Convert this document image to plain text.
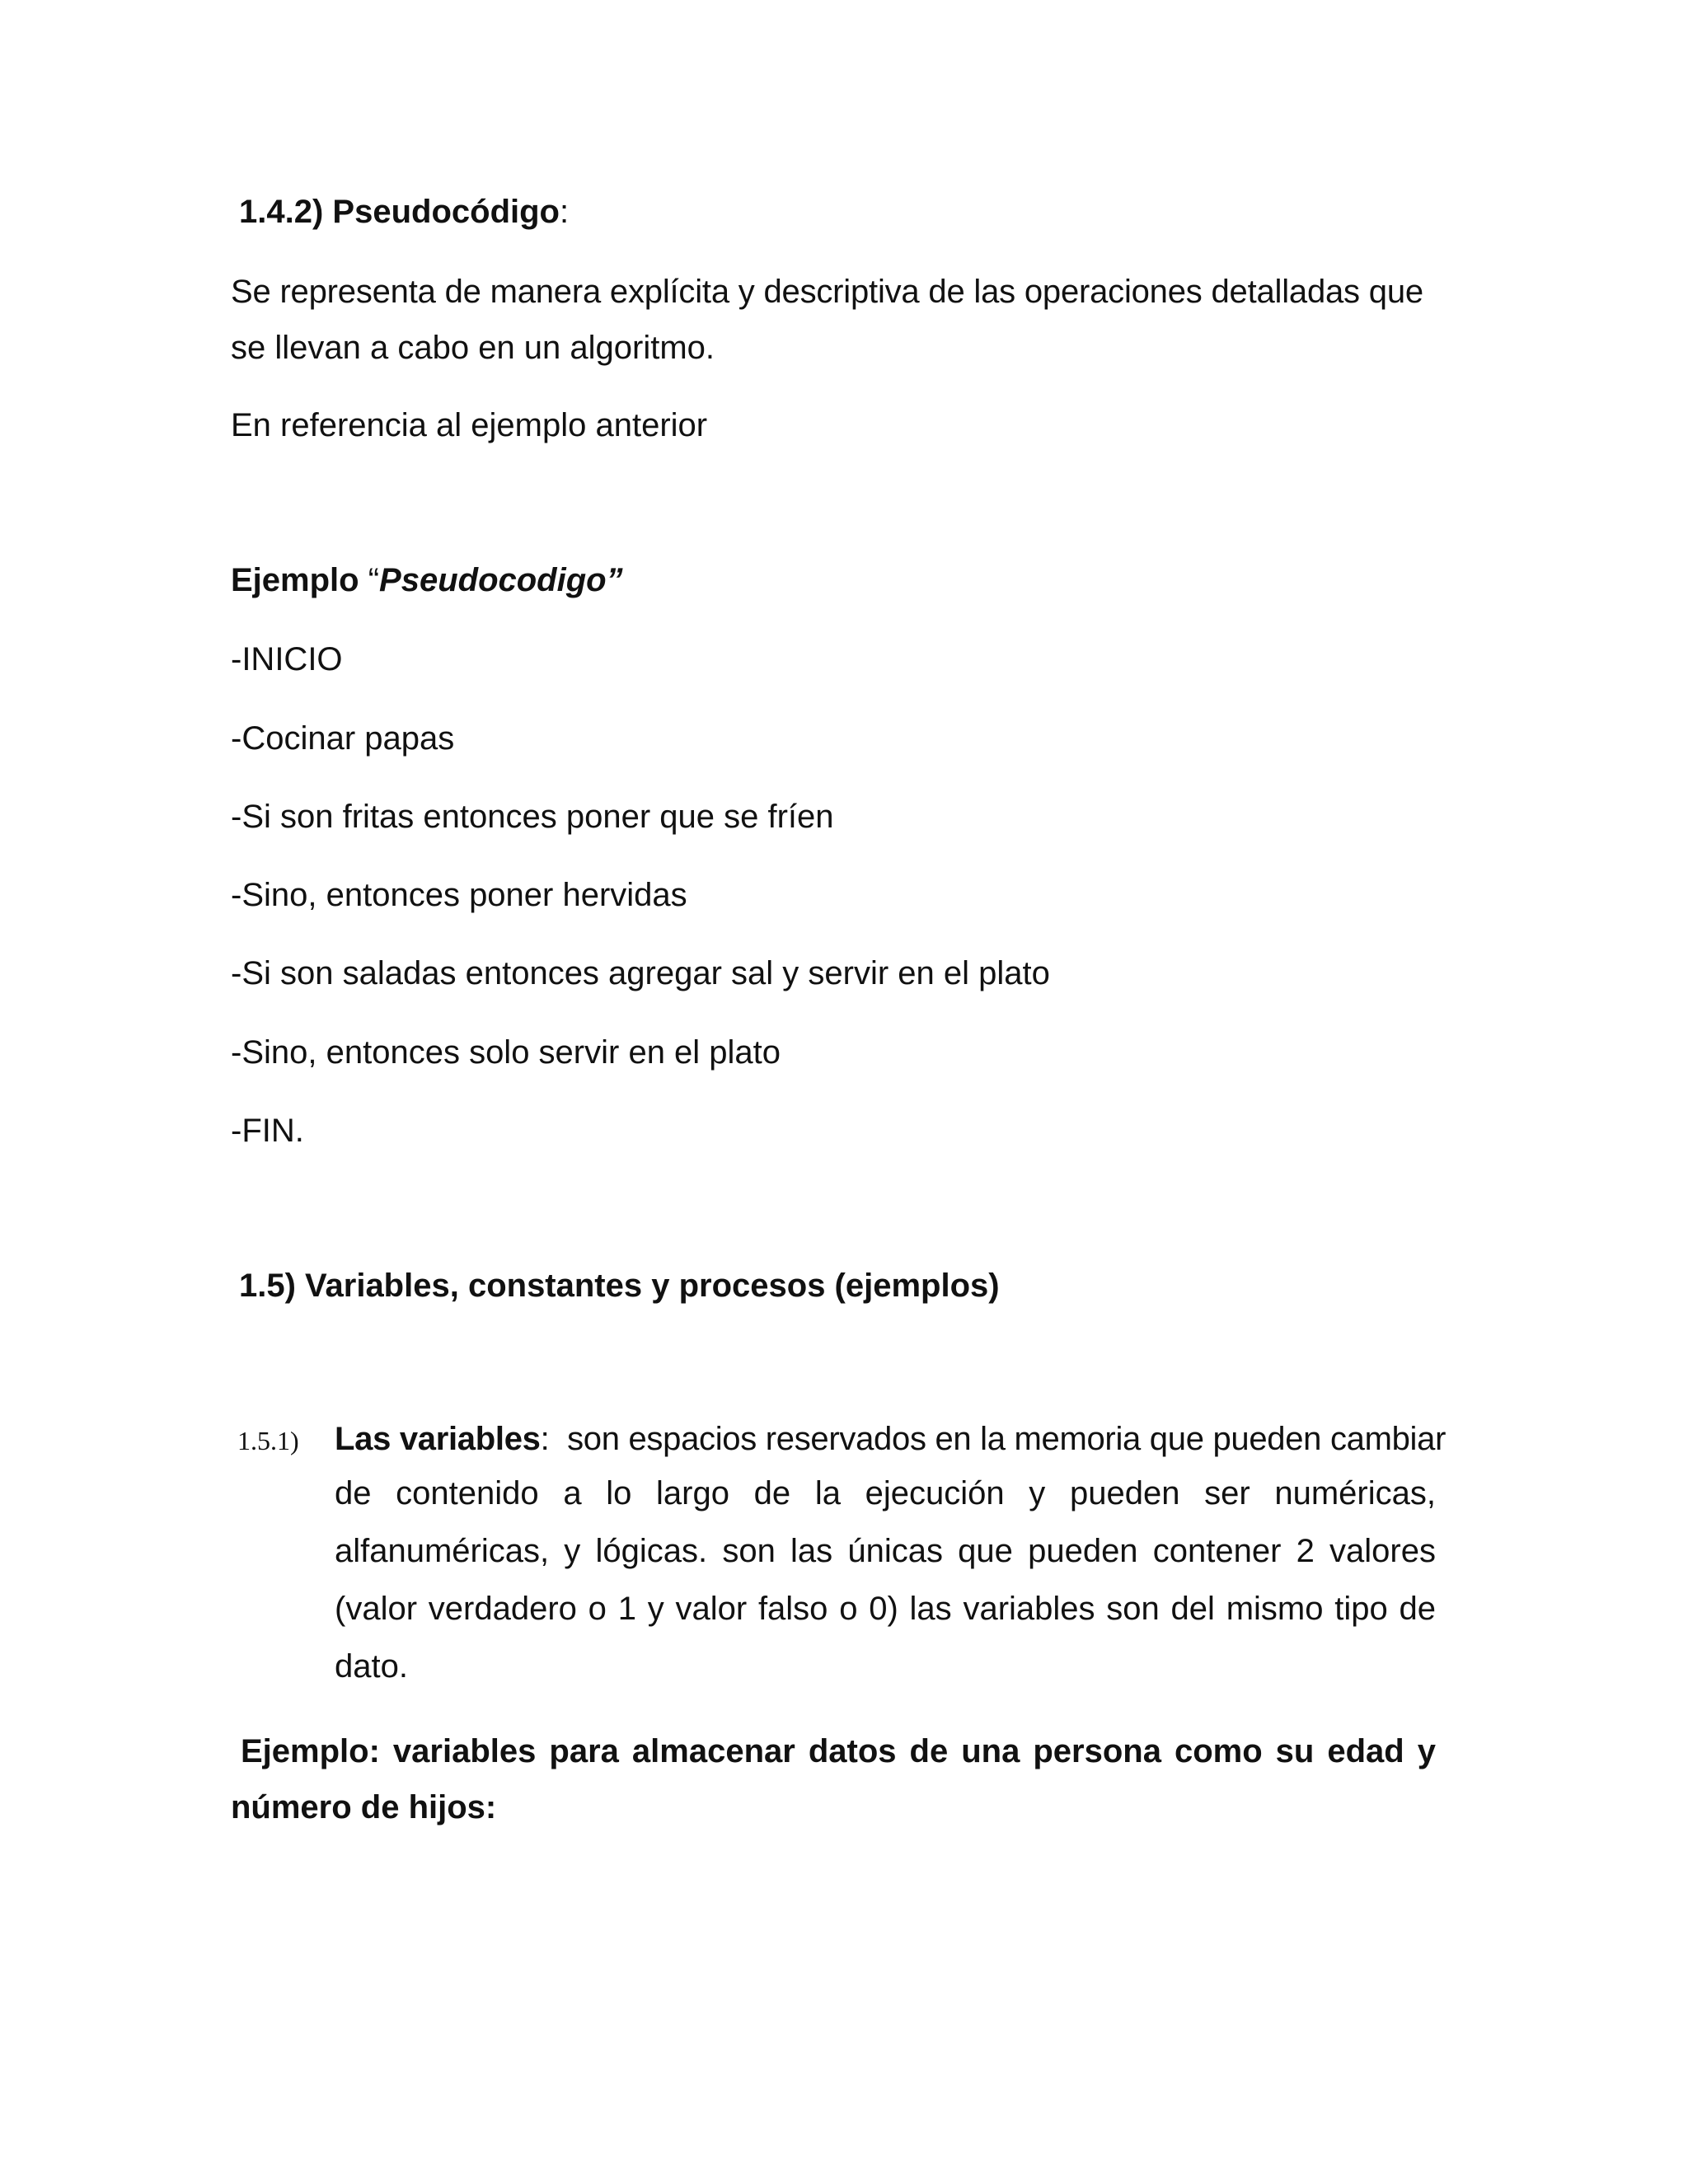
1.4.2) Pseudocódigo:
Se representa de manera explícita y descriptiva de las operaciones detalladas que
se llevan a cabo en un algoritmo.
En referencia al ejemplo anterior
Ejemplo “Pseudocodigo”
-INICIO
-Cocinar papas
-Si son fritas entonces poner que se fríen
-Sino, entonces poner hervidas
-Si son saladas entonces agregar sal y servir en el plato
-Sino, entonces solo servir en el plato
-FIN.
1.5) Variables, constantes y procesos (ejemplos)
1.5.1) Las variables: son espacios reservados en la memoria que pueden cambiar
de contenido a lo largo de la ejecución y pueden ser numéricas, alfanuméricas, y lógicas. son las únicas que pueden contener 2 valores (valor verdadero o 1 y valor falso o 0) las variables son del mismo tipo de dato.
Ejemplo: variables para almacenar datos de una persona como su edad y número de hijos:
